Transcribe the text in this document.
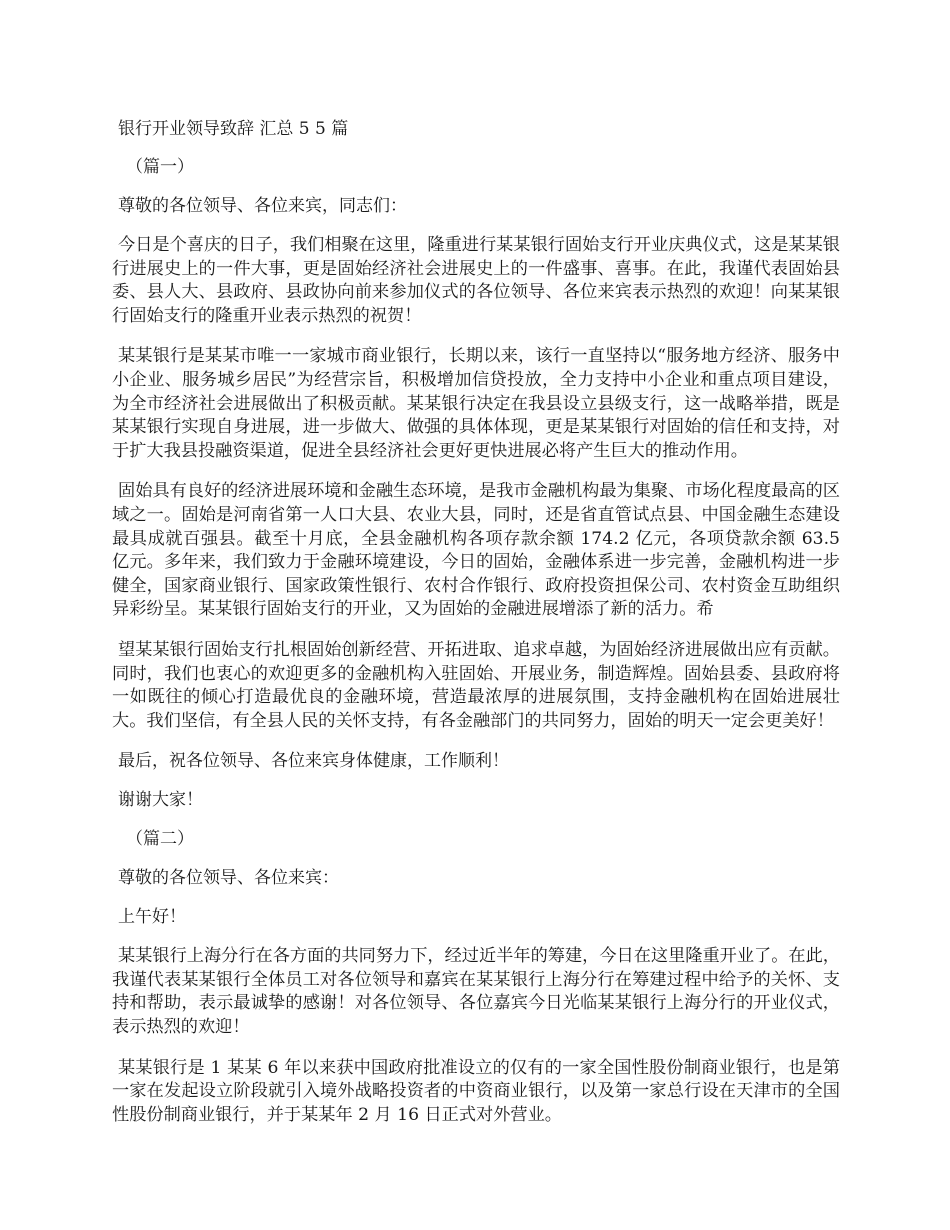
银行开业领导致辞 汇总 5 5 篇
（篇一）
尊敬的各位领导、各位来宾，同志们：
今日是个喜庆的日子，我们相聚在这里，隆重进行某某银行固始支行开业庆典仪式，这是某某银行进展史上的一件大事，更是固始经济社会进展史上的一件盛事、喜事。在此，我谨代表固始县委、县人大、县政府、县政协向前来参加仪式的各位领导、各位来宾表示热烈的欢迎！向某某银行固始支行的隆重开业表示热烈的祝贺！
某某银行是某某市唯一一家城市商业银行，长期以来，该行一直坚持以“服务地方经济、服务中小企业、服务城乡居民”为经营宗旨，积极增加信贷投放，全力支持中小企业和重点项目建设，为全市经济社会进展做出了积极贡献。某某银行决定在我县设立县级支行，这一战略举措，既是某某银行实现自身进展，进一步做大、做强的具体体现，更是某某银行对固始的信任和支持，对于扩大我县投融资渠道，促进全县经济社会更好更快进展必将产生巨大的推动作用。
固始具有良好的经济进展环境和金融生态环境，是我市金融机构最为集聚、市场化程度最高的区域之一。固始是河南省第一人口大县、农业大县，同时，还是省直管试点县、中国金融生态建设最具成就百强县。截至十月底，全县金融机构各项存款余额 174.2 亿元，各项贷款余额 63.5 亿元。多年来，我们致力于金融环境建设，今日的固始，金融体系进一步完善，金融机构进一步健全，国家商业银行、国家政策性银行、农村合作银行、政府投资担保公司、农村资金互助组织异彩纷呈。某某银行固始支行的开业，又为固始的金融进展增添了新的活力。希
望某某银行固始支行扎根固始创新经营、开拓进取、追求卓越，为固始经济进展做出应有贡献。同时，我们也衷心的欢迎更多的金融机构入驻固始、开展业务，制造辉煌。固始县委、县政府将一如既往的倾心打造最优良的金融环境，营造最浓厚的进展氛围，支持金融机构在固始进展壮大。我们坚信，有全县人民的关怀支持，有各金融部门的共同努力，固始的明天一定会更美好！
最后，祝各位领导、各位来宾身体健康，工作顺利！
谢谢大家！
（篇二）
尊敬的各位领导、各位来宾：
上午好！
某某银行上海分行在各方面的共同努力下，经过近半年的筹建，今日在这里隆重开业了。在此，我谨代表某某银行全体员工对各位领导和嘉宾在某某银行上海分行在筹建过程中给予的关怀、支持和帮助，表示最诚挚的感谢！对各位领导、各位嘉宾今日光临某某银行上海分行的开业仪式，表示热烈的欢迎！
某某银行是 1 某某 6 年以来获中国政府批准设立的仅有的一家全国性股份制商业银行，也是第一家在发起设立阶段就引入境外战略投资者的中资商业银行，以及第一家总行设在天津市的全国性股份制商业银行，并于某某年 2 月 16 日正式对外营业。
